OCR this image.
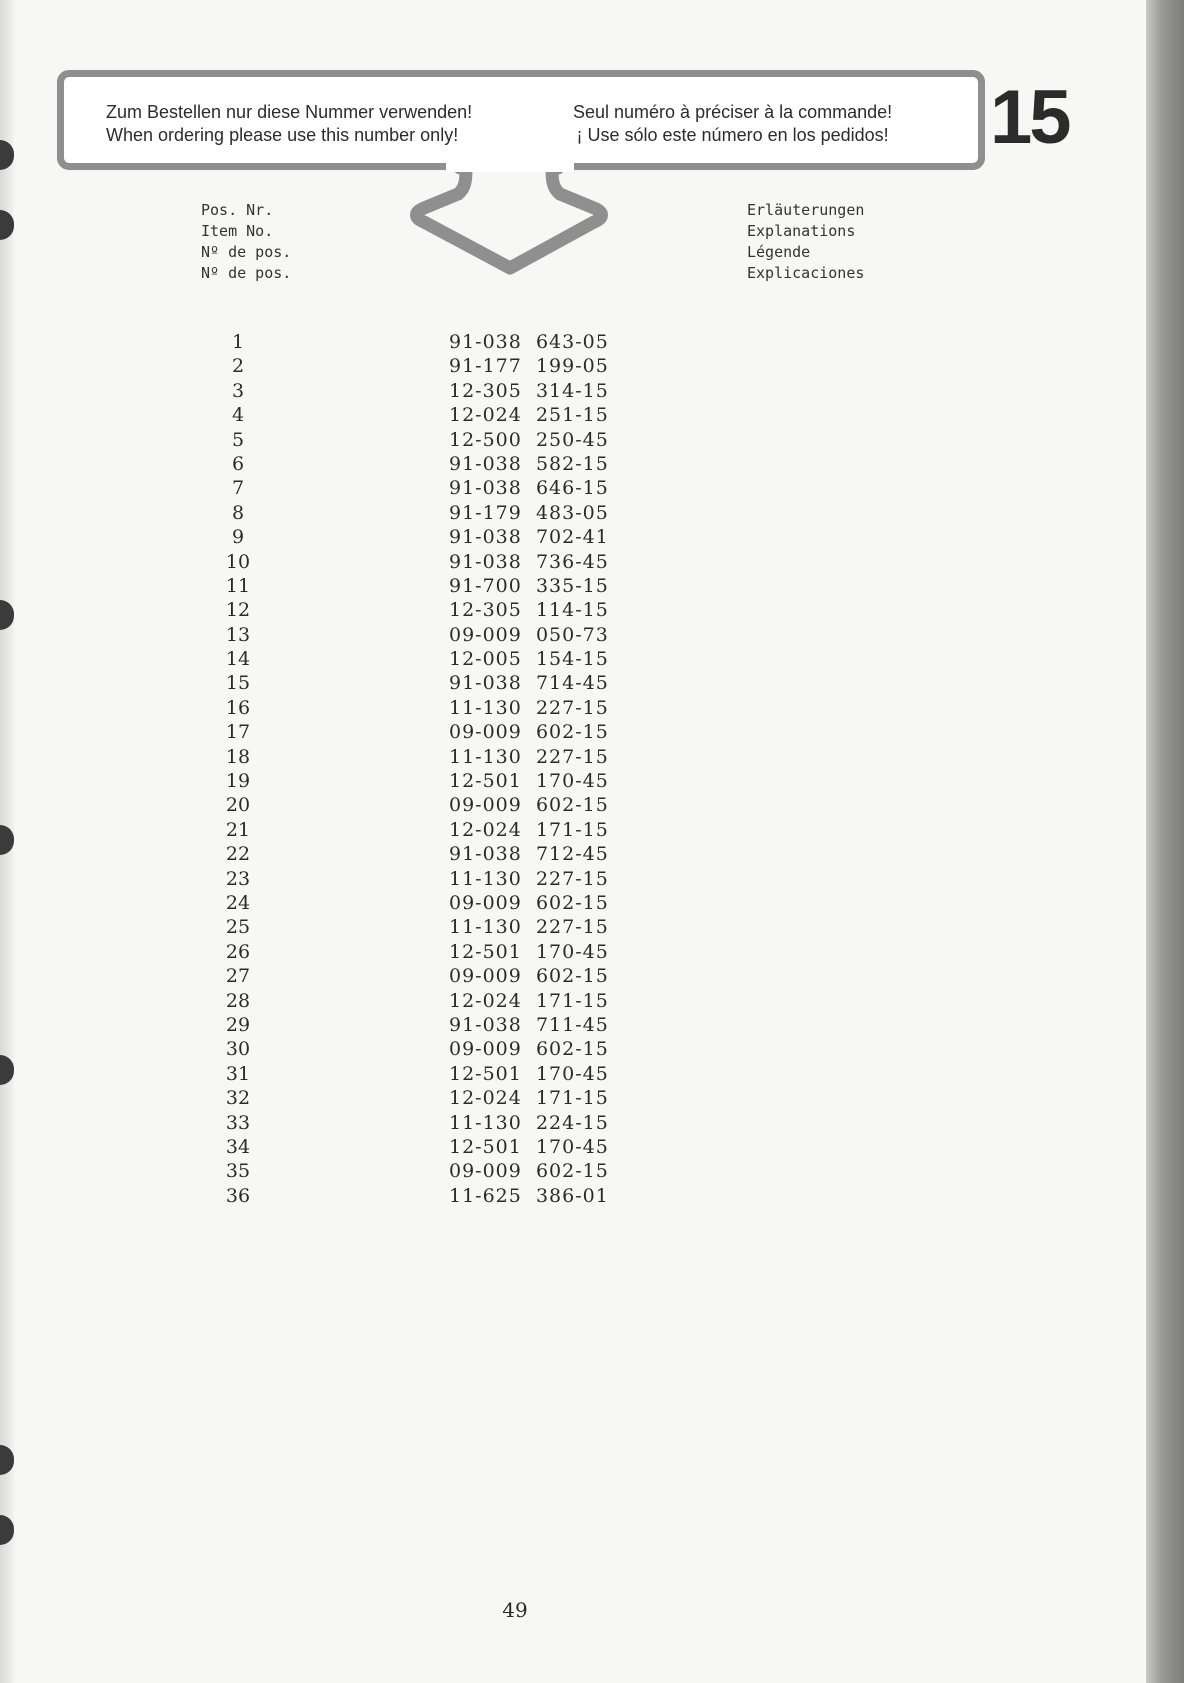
Zum Bestellen nur diese Nummer verwenden!
When ordering please use this number only!
Seul numéro à préciser à la commande!
¡ Use sólo este número en los pedidos! 15
Pos. Nr.
Item No.
Nº de pos.
Nº de pos.
Erläuterungen
Explanations
Légende
Explicaciones
1	91-038  643-05
2	91-177  199-05
3	12-305  314-15
4	12-024  251-15
5	12-500  250-45
6	91-038  582-15
7	91-038  646-15
8	91-179  483-05
9	91-038  702-41
10	91-038  736-45
11	91-700  335-15
12	12-305  114-15
13	09-009  050-73
14	12-005  154-15
15	91-038  714-45
16	11-130  227-15
17	09-009  602-15
18	11-130  227-15
19	12-501  170-45
20	09-009  602-15
21	12-024  171-15
22	91-038  712-45
23	11-130  227-15
24	09-009  602-15
25	11-130  227-15
26	12-501  170-45
27	09-009  602-15
28	12-024  171-15
29	91-038  711-45
30	09-009  602-15
31	12-501  170-45
32	12-024  171-15
33	11-130  224-15
34	12-501  170-45
35	09-009  602-15
36	11-625  386-01
49
